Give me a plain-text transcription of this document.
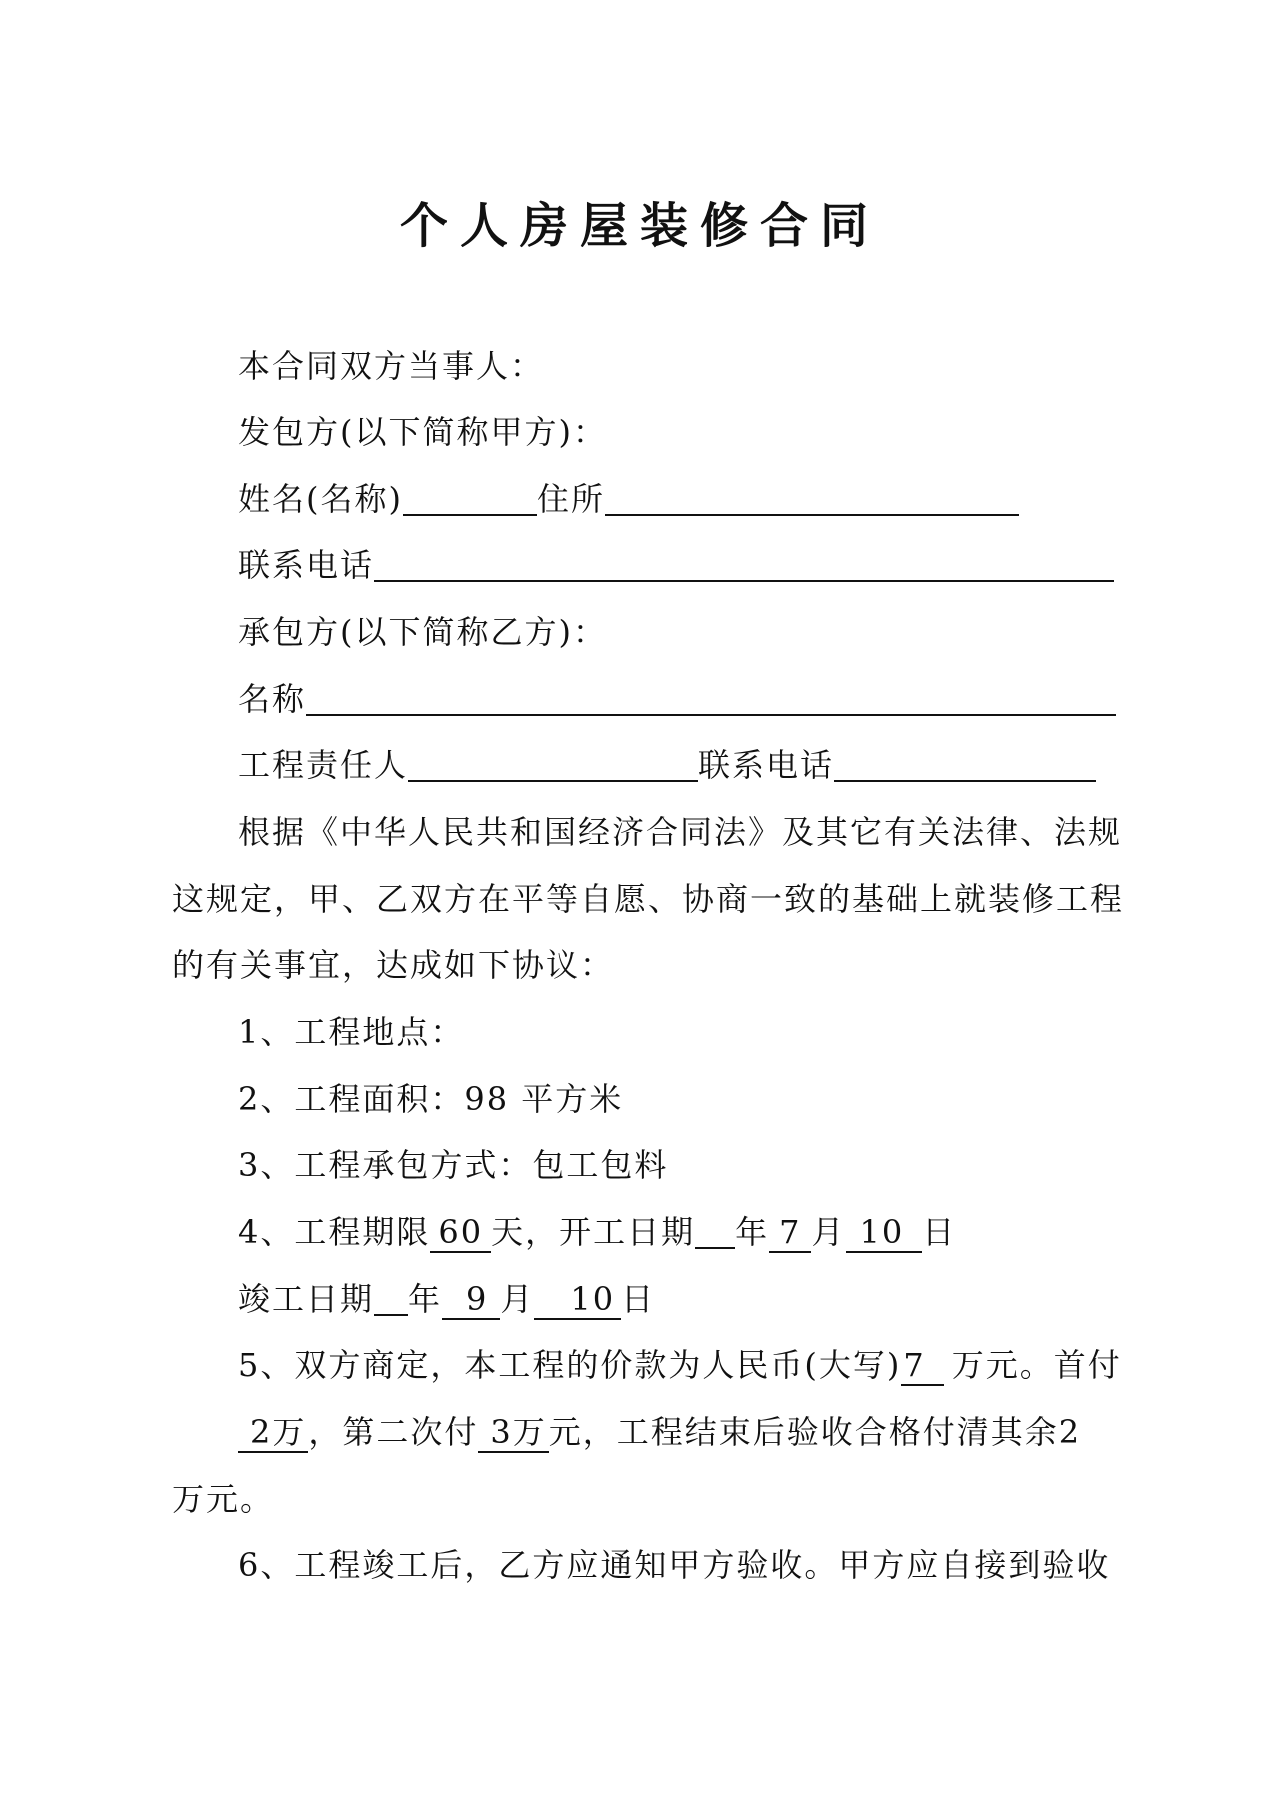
个人房屋装修合同
本合同双方当事人：
发包方(以下简称甲方)：
姓名(名称)	住所
联系电话
承包方(以下简称乙方)：
名称
工程责任人	联系电话
根据《中华人民共和国经济合同法》及其它有关法律、法规
这规定，甲、乙双方在平等自愿、协商一致的基础上就装修工程
的有关事宜，达成如下协议：
1、工程地点：
2、工程面积：98 平方米
3、工程承包方式：包工包料
4、工程期限 60 天，开工日期 年 7 月 10 日
竣工日期 年 9 月 10 日
5、双方商定，本工程的价款为人民币(大写)7 万元。首付
2万，第二次付 3万元，工程结束后验收合格付清其余2
万元。
6、工程竣工后，乙方应通知甲方验收。甲方应自接到验收
